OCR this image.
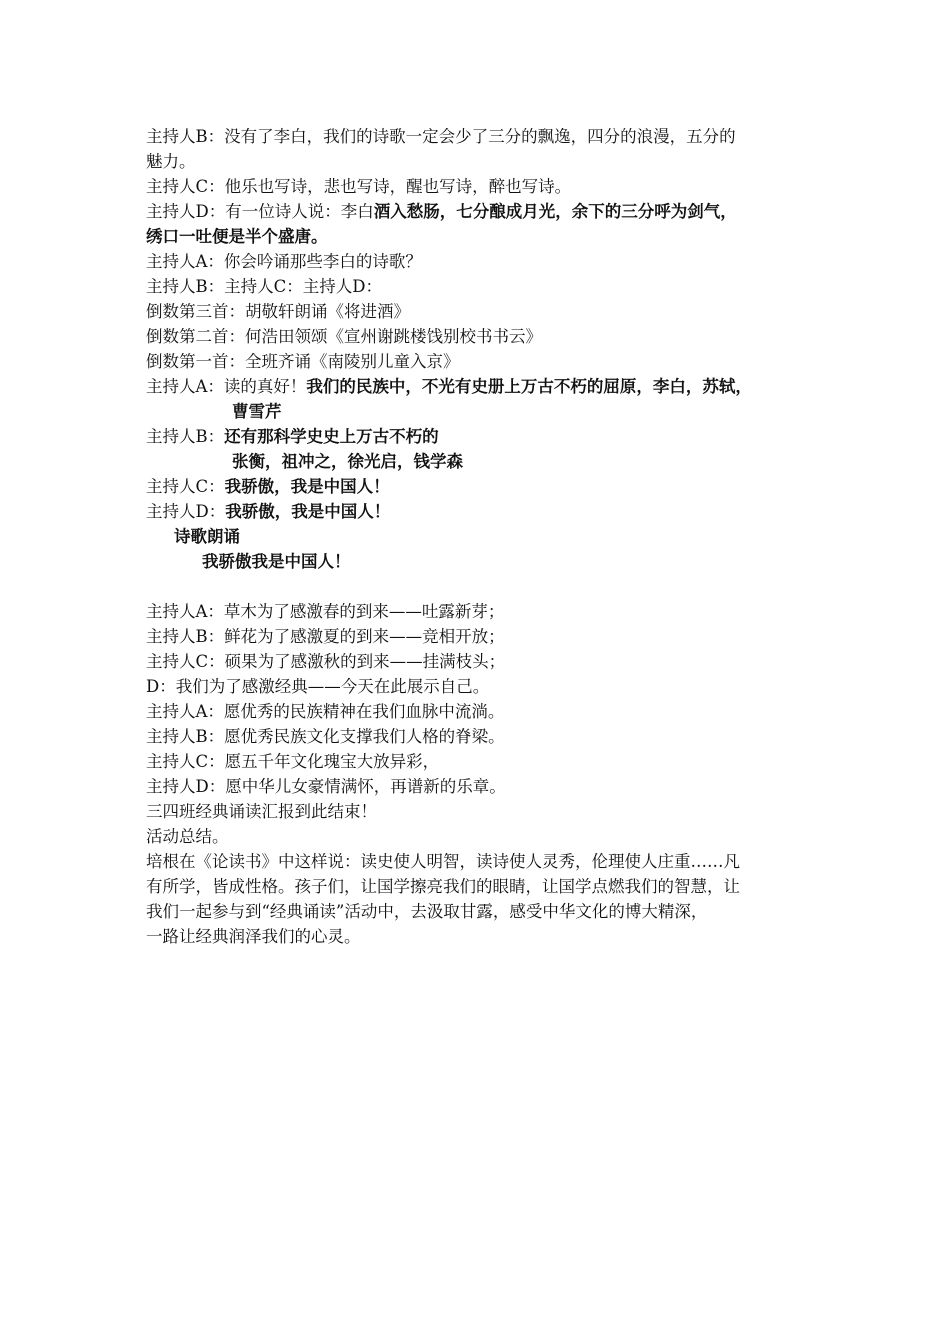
主持人B：没有了李白，我们的诗歌一定会少了三分的飘逸，四分的浪漫，五分的
魅力。
主持人C：他乐也写诗，悲也写诗，醒也写诗，醉也写诗。
主持人D：有一位诗人说：李白酒入愁肠，七分酿成月光，余下的三分呼为剑气，
绣口一吐便是半个盛唐。
主持人A：你会吟诵那些李白的诗歌？
主持人B：主持人C：主持人D：
倒数第三首：胡敬轩朗诵《将进酒》
倒数第二首：何浩田领颂《宣州谢跳楼饯别校书书云》
倒数第一首：全班齐诵《南陵别儿童入京》
主持人A：读的真好！我们的民族中，不光有史册上万古不朽的屈原，李白，苏轼，
曹雪芹
主持人B：还有那科学史史上万古不朽的
张衡，祖冲之，徐光启，钱学森
主持人C：我骄傲，我是中国人！
主持人D：我骄傲，我是中国人！
诗歌朗诵
我骄傲我是中国人！
主持人A：草木为了感激春的到来——吐露新芽；
主持人B：鲜花为了感激夏的到来——竞相开放；
主持人C：硕果为了感激秋的到来——挂满枝头；
D：我们为了感激经典——今天在此展示自己。
主持人A：愿优秀的民族精神在我们血脉中流淌。
主持人B：愿优秀民族文化支撑我们人格的脊梁。
主持人C：愿五千年文化瑰宝大放异彩，
主持人D：愿中华儿女豪情满怀，再谱新的乐章。
三四班经典诵读汇报到此结束！
活动总结。
培根在《论读书》中这样说：读史使人明智，读诗使人灵秀，伦理使人庄重……凡
有所学，皆成性格。孩子们，让国学擦亮我们的眼睛，让国学点燃我们的智慧，让
我们一起参与到“经典诵读”活动中，去汲取甘露，感受中华文化的博大精深，
一路让经典润泽我们的心灵。
